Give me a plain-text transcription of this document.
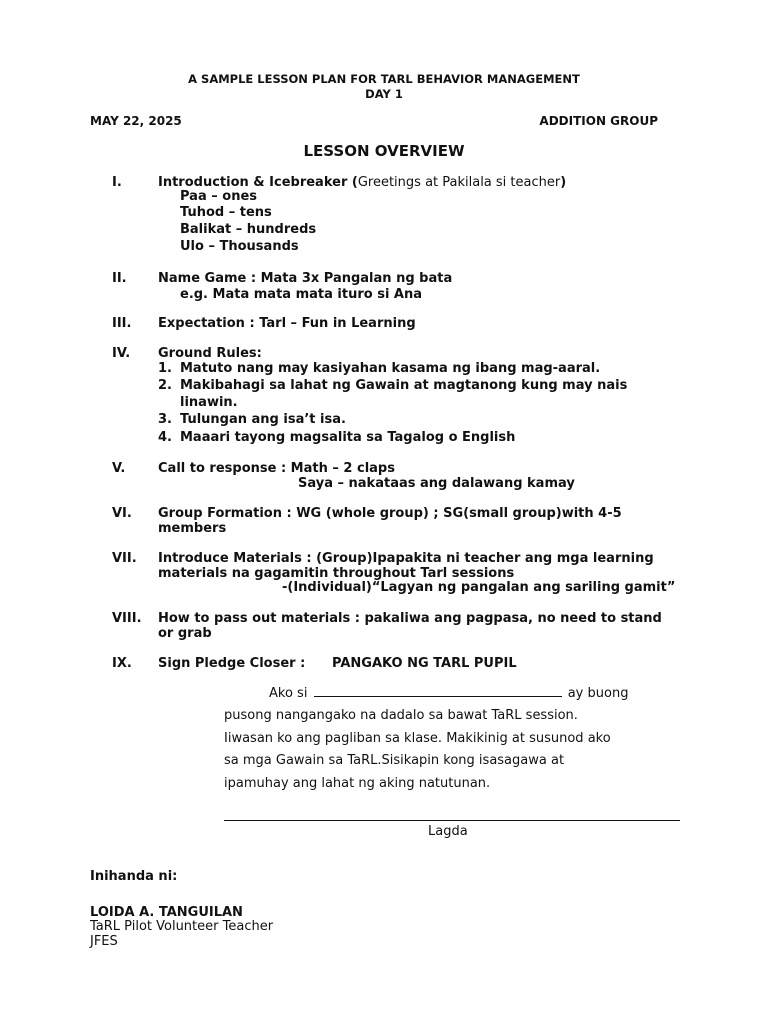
A SAMPLE LESSON PLAN FOR TARL BEHAVIOR MANAGEMENT
DAY 1
MAY 22, 2025	ADDITION GROUP
LESSON OVERVIEW
I.	Introduction & Icebreaker (Greetings at Pakilala si teacher)
Paa – ones
Tuhod – tens
Balikat – hundreds
Ulo – Thousands
II. Name Game : Mata 3x Pangalan ng bata
e.g. Mata mata mata ituro si Ana
III. Expectation : Tarl – Fun in Learning
IV. Ground Rules:
1. Matuto nang may kasiyahan kasama ng ibang mag-aaral.
2. Makibahagi sa lahat ng Gawain at magtanong kung may nais
linawin.
3. Tulungan ang isa’t isa.
4. Maaari tayong magsalita sa Tagalog o English
V.	Call to response : Math – 2 claps
Saya – nakataas ang dalawang kamay
VI. Group Formation : WG (whole group) ; SG(small group)with 4-5
members
VII. Introduce Materials : (Group)Ipapakita ni teacher ang mga learning
materials na gagamitin throughout Tarl sessions
-(Individual)“Lagyan ng pangalan ang sariling gamit”
VIII. How to pass out materials : pakaliwa ang pagpasa, no need to stand
or grab
IX. Sign Pledge Closer : PANGAKO NG TARL PUPIL
Ako si	ay buong
pusong nangangako na dadalo sa bawat TaRL session.
Iiwasan ko ang pagliban sa klase. Makikinig at susunod ako
sa mga Gawain sa TaRL.Sisikapin kong isasagawa at
ipamuhay ang lahat ng aking natutunan.
Lagda
Inihanda ni:
LOIDA A. TANGUILAN
TaRL Pilot Volunteer Teacher
JFES
